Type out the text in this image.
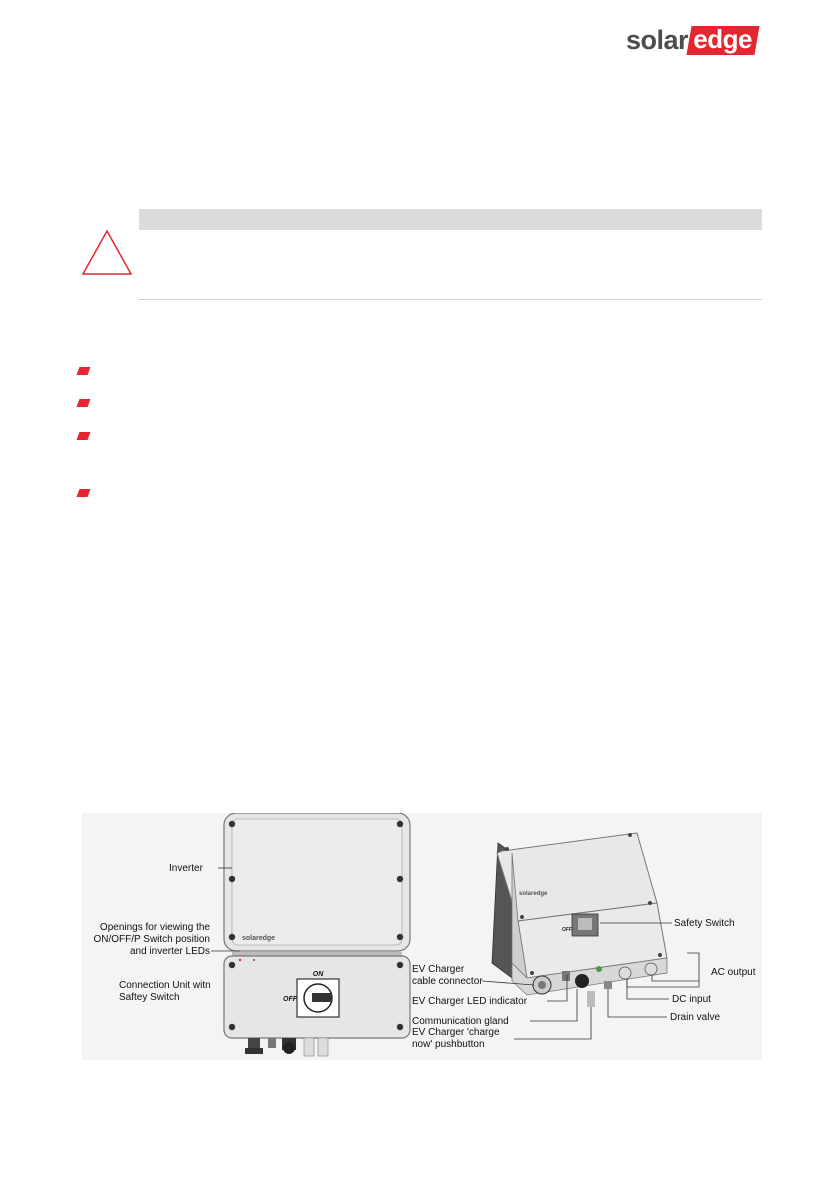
solar edge
solaredge
ON
OFF
Inverter
Openings for viewing the
ON/OFF/P Switch position
and inverter LEDs
Connection Unit witn
Saftey Switch
solaredge
OFF
EV Charger
cable connector
EV Charger LED indicator
Communication gland
EV Charger 'charge
now' pushbutton
Safety Switch
AC output
DC input
Drain valve
